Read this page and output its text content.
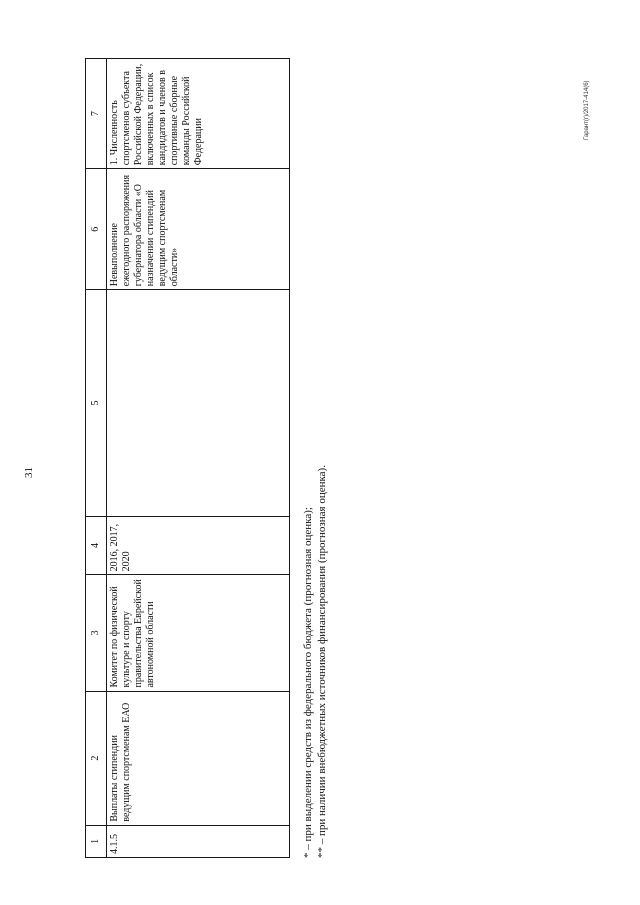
31
1	2	3	4	5	6	7
4.1.5	Выплаты стипендии ведущим спортсменам ЕАО	Комитет по физической культуре и спорту правительства Еврейской автономной области	2016, 2017, 2020		Невыполнение ежегодного распоряжения губернатора области «О назначении стипендий ведущим спортсменам области»	1. Численность спортсменов субъекта Российской Федерации, включенных в список кандидатов и членов в спортивные сборные команды Российской Федерации
* – при выделении средств из федерального бюджета (прогнозная оценка); ** – при наличии внебюджетных источников финансирования (прогнозная оценка).
Гарант(г)/2017-414(6)
